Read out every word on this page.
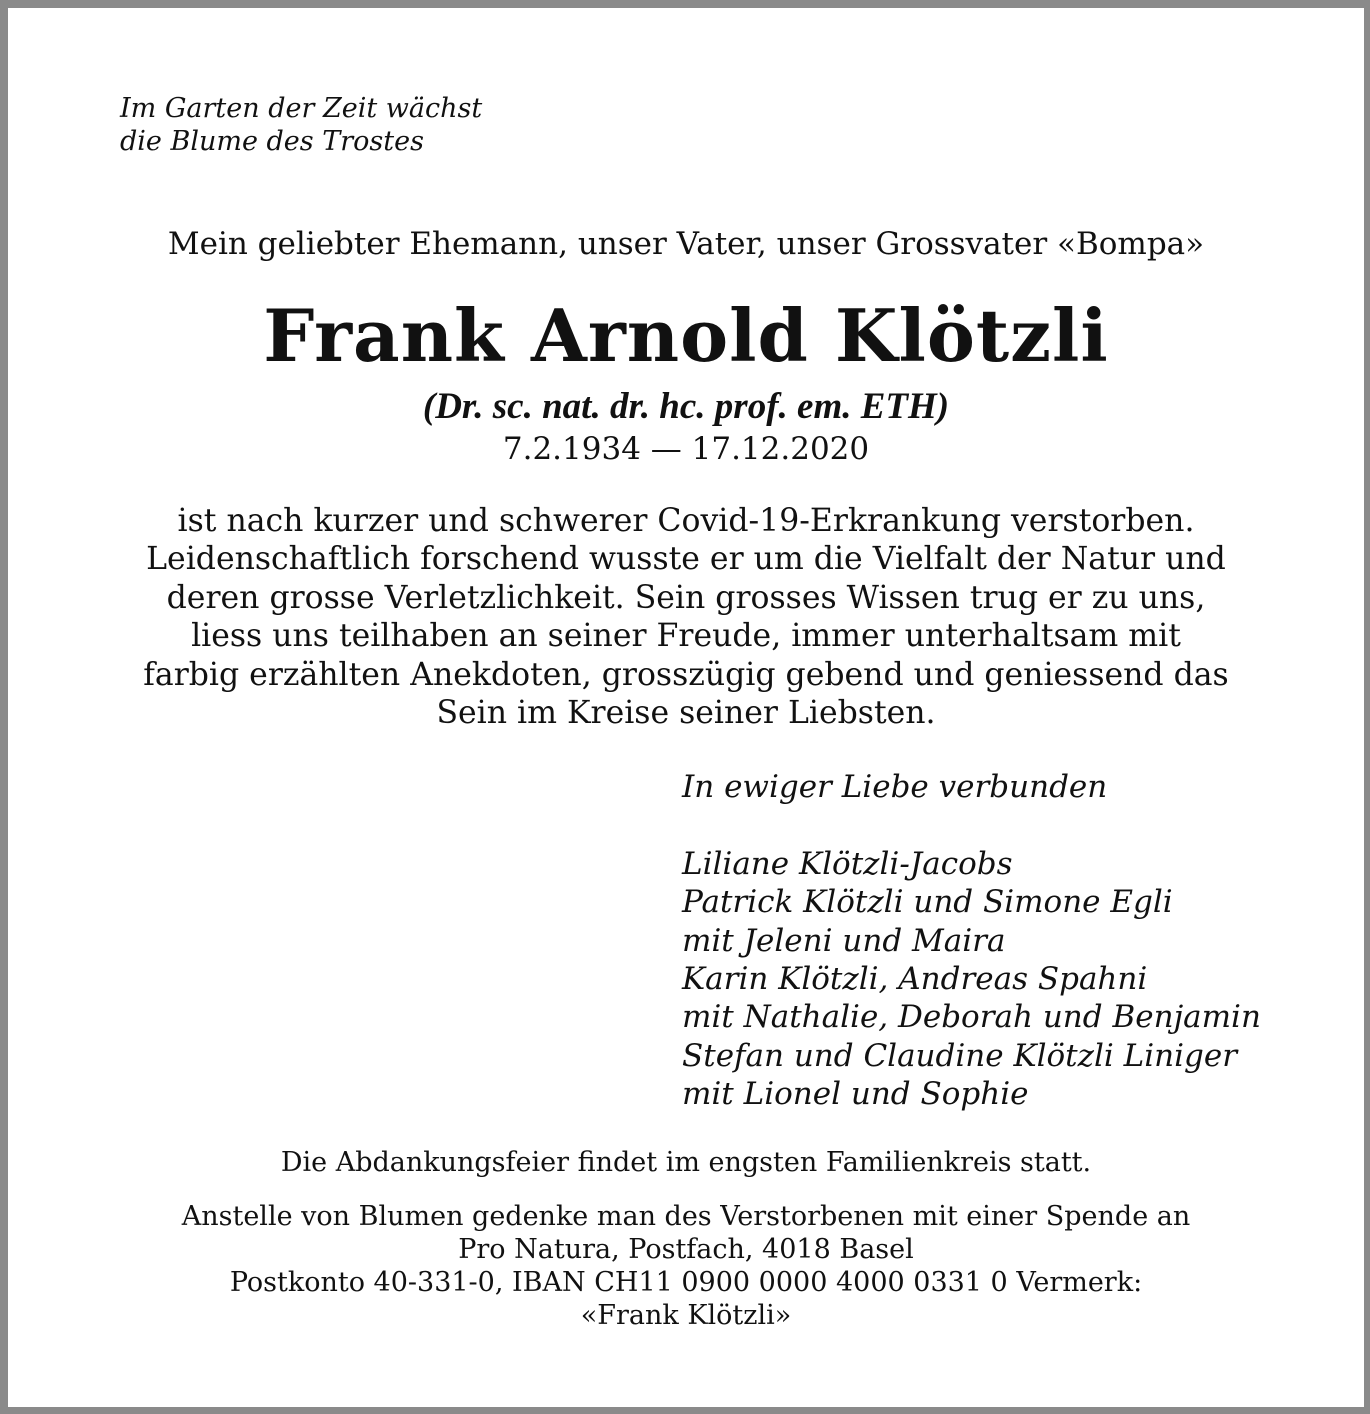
Im Garten der Zeit wächst
die Blume des Trostes
Mein geliebter Ehemann, unser Vater, unser Grossvater «Bompa»
Frank Arnold Klötzli
(Dr. sc. nat. dr. hc. prof. em. ETH)
7.2.1934 — 17.12.2020
ist nach kurzer und schwerer Covid-19-Erkrankung verstorben.
Leidenschaftlich forschend wusste er um die Vielfalt der Natur und
deren grosse Verletzlichkeit. Sein grosses Wissen trug er zu uns,
liess uns teilhaben an seiner Freude, immer unterhaltsam mit
farbig erzählten Anekdoten, grosszügig gebend und geniessend das
Sein im Kreise seiner Liebsten.
In ewiger Liebe verbunden
Liliane Klötzli-Jacobs
Patrick Klötzli und Simone Egli
mit Jeleni und Maira
Karin Klötzli, Andreas Spahni
mit Nathalie, Deborah und Benjamin
Stefan und Claudine Klötzli Liniger
mit Lionel und Sophie
Die Abdankungsfeier findet im engsten Familienkreis statt.
Anstelle von Blumen gedenke man des Verstorbenen mit einer Spende an
Pro Natura, Postfach, 4018 Basel
Postkonto 40-331-0, IBAN CH11 0900 0000 4000 0331 0 Vermerk:
«Frank Klötzli»
